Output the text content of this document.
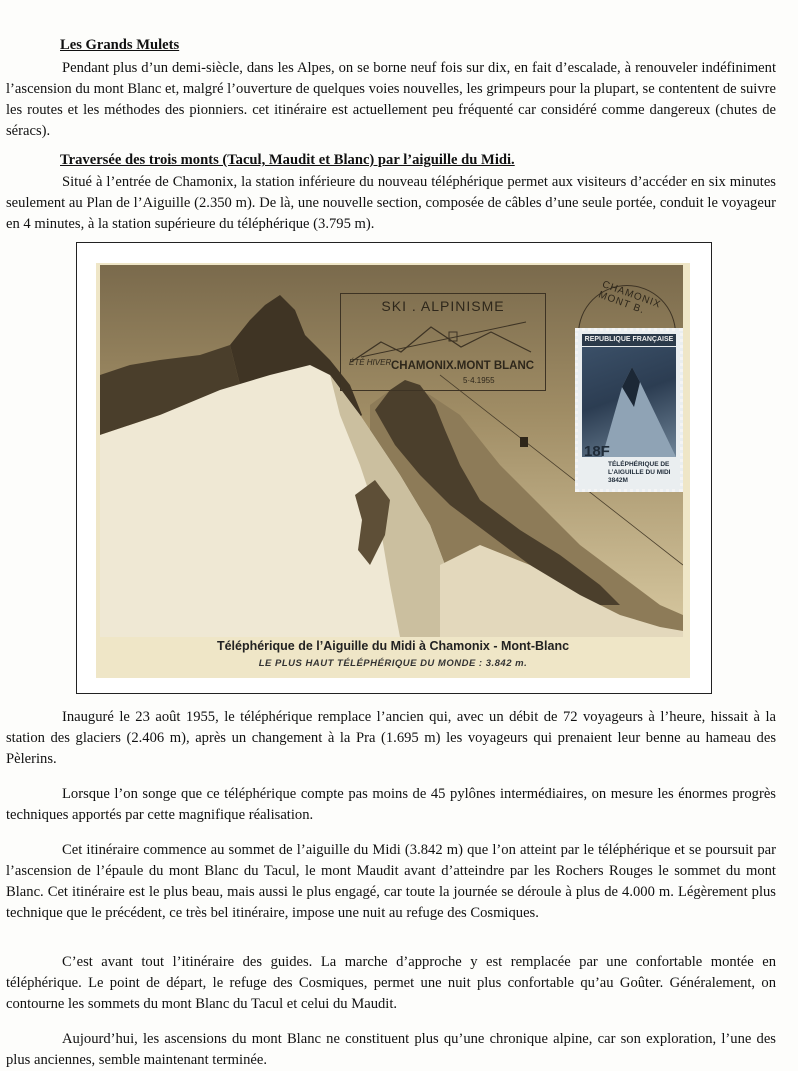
Les Grands Mulets

Pendant plus d’un demi-siècle, dans les Alpes, on se borne neuf fois sur dix, en fait d’escalade, à renouveler indéfiniment l’ascension du mont Blanc et, malgré l’ouverture de quelques voies nouvelles, les grimpeurs pour la plupart, se contentent de suivre les routes et les méthodes des pionniers. cet itinéraire est actuellement peu fréquenté car considéré comme dangereux (chutes de séracs).

Traversée des trois monts (Tacul, Maudit et Blanc) par l’aiguille du Midi.

Situé à l’entrée de Chamonix, la station inférieure du nouveau téléphérique permet aux visiteurs d’accéder en six minutes seulement au Plan de l’Aiguille (2.350 m). De là, une nouvelle section, composée de câbles d’une seule portée, conduit le voyageur en 4 minutes, à la station supérieure du téléphérique (3.795 m).

SKI . ALPINISME
ÉTÉ HIVER CHAMONIX.MONT BLANC
5·4.1955
CHAMONIX MONT B.
REPUBLIQUE FRANÇAISE
18F
TÉLÉPHÉRIQUE DE L’AIGUILLE DU MIDI 3842M

Téléphérique de l’Aiguille du Midi à Chamonix - Mont-Blanc

LE PLUS HAUT TÉLÉPHÉRIQUE DU MONDE : 3.842 m.

Inauguré le 23 août 1955, le téléphérique remplace l’ancien qui, avec un débit de 72 voyageurs à l’heure, hissait à la station des glaciers (2.406 m), après un changement à la Pra (1.695 m) les voyageurs qui prenaient leur benne au hameau des Pèlerins.

Lorsque l’on songe que ce téléphérique compte pas moins de 45 pylônes intermédiaires, on mesure les énormes progrès techniques apportés par cette magnifique réalisation.

Cet itinéraire commence au sommet de l’aiguille du Midi (3.842 m) que l’on atteint par le téléphérique et se poursuit par l’ascension de l’épaule du mont Blanc du Tacul, le mont Maudit avant d’atteindre par les Rochers Rouges le sommet du mont Blanc. Cet itinéraire est le plus beau, mais aussi le plus engagé, car toute la journée se déroule à plus de 4.000 m. Légèrement plus technique que le précédent, ce très bel itinéraire, impose une nuit au refuge des Cosmiques.

C’est avant tout l’itinéraire des guides. La marche d’approche y est remplacée par une confortable montée en téléphérique. Le point de départ, le refuge des Cosmiques, permet une nuit plus confortable qu’au Goûter. Généralement, on contourne les sommets du mont Blanc du Tacul et celui du Maudit.

Aujourd’hui, les ascensions du mont Blanc ne constituent plus qu’une chronique alpine, car son exploration, l’une des plus anciennes, semble maintenant terminée.
